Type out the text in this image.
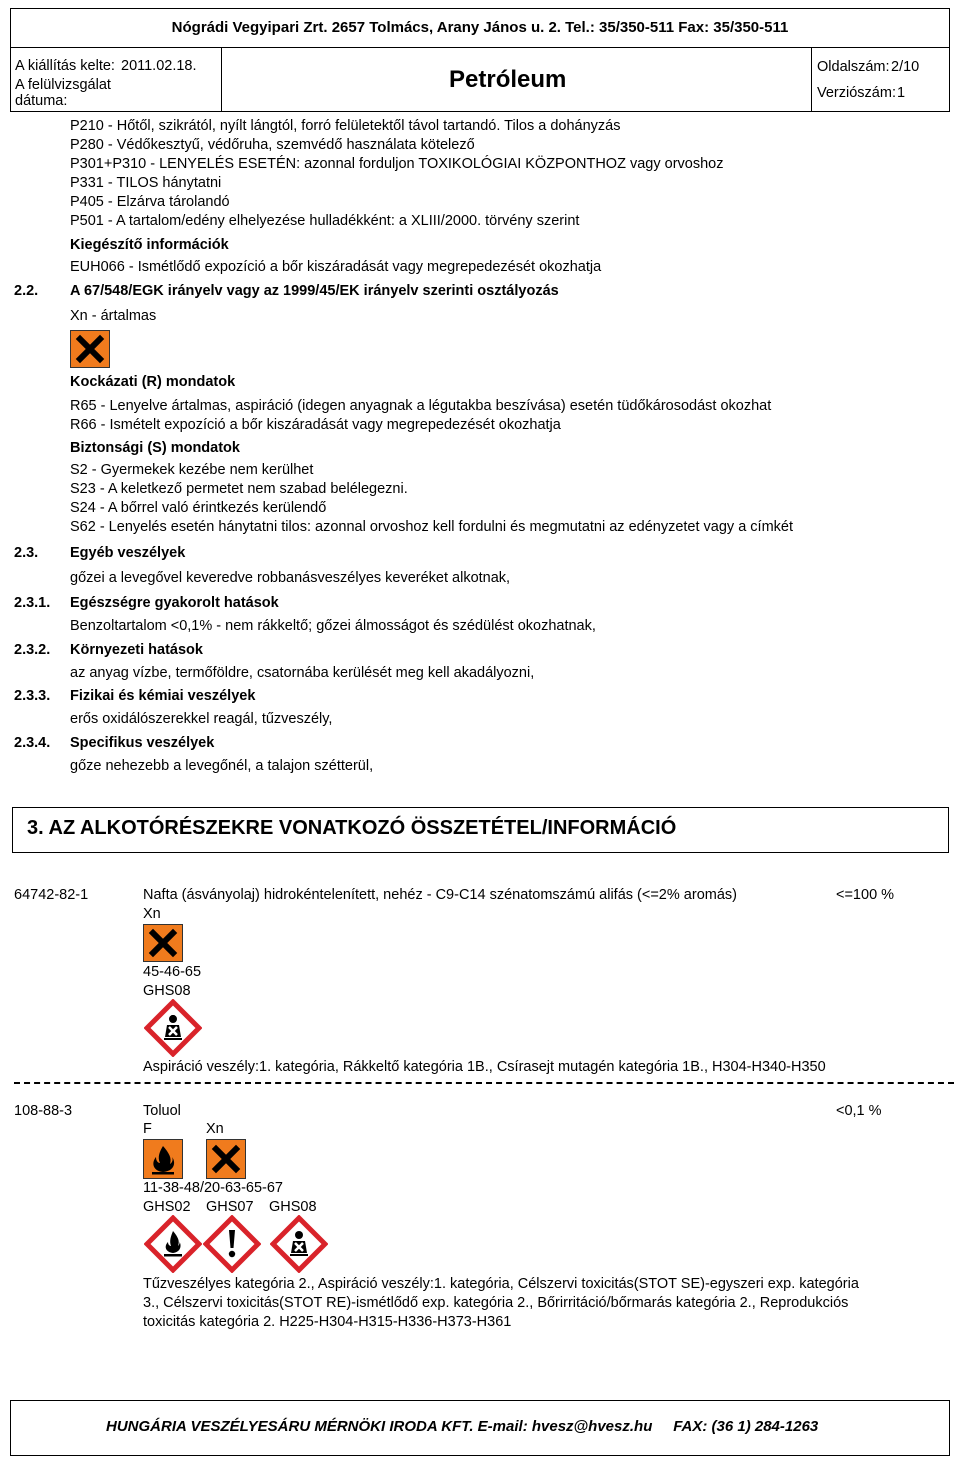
Nógrádi Vegyipari Zrt. 2657 Tolmács, Arany János u. 2. Tel.: 35/350-511 Fax: 35/350-511
A kiállítás kelte: 2011.02.18.
A felülvizsgálat
dátuma:
Petróleum	Oldalszám: 2/10
Verziószám: 1
P210 - Hőtől, szikrától, nyílt lángtól, forró felületektől távol tartandó. Tilos a dohányzás
P280 - Védőkesztyű, védőruha, szemvédő használata kötelező
P301+P310 - LENYELÉS ESETÉN: azonnal forduljon TOXIKOLÓGIAI KÖZPONTHOZ vagy orvoshoz
P331 - TILOS hánytatni
P405 - Elzárva tárolandó
P501 - A tartalom/edény elhelyezése hulladékként: a XLIII/2000. törvény szerint
Kiegészítő információk
EUH066 - Ismétlődő expozíció a bőr kiszáradását vagy megrepedezését okozhatja
2.2. A 67/548/EGK irányelv vagy az 1999/45/EK irányelv szerinti osztályozás
Xn - ártalmas
Kockázati (R) mondatok
R65 - Lenyelve ártalmas, aspiráció (idegen anyagnak a légutakba beszívása) esetén tüdőkárosodást okozhat
R66 - Ismételt expozíció a bőr kiszáradását vagy megrepedezését okozhatja
Biztonsági (S) mondatok
S2 - Gyermekek kezébe nem kerülhet
S23 - A keletkező permetet nem szabad belélegezni.
S24 - A bőrrel való érintkezés kerülendő
S62 - Lenyelés esetén hánytatni tilos: azonnal orvoshoz kell fordulni és megmutatni az edényzetet vagy a címkét
2.3. Egyéb veszélyek
gőzei a levegővel keveredve robbanásveszélyes keveréket alkotnak,
2.3.1. Egészségre gyakorolt hatások
Benzoltartalom <0,1% - nem rákkeltő; gőzei álmosságot és szédülést okozhatnak,
2.3.2. Környezeti hatások
az anyag vízbe, termőföldre, csatornába kerülését meg kell akadályozni,
2.3.3. Fizikai és kémiai veszélyek
erős oxidálószerekkel reagál, tűzveszély,
2.3.4. Specifikus veszélyek
gőze nehezebb a levegőnél, a talajon szétterül,
3. AZ ALKOTÓRÉSZEKRE VONATKOZÓ ÖSSZETÉTEL/INFORMÁCIÓ
64742-82-1	Nafta (ásványolaj) hidrokéntelenített, nehéz - C9-C14 szénatomszámú alifás (<=2% aromás)	<=100 %
Xn
45-46-65
GHS08
Aspiráció veszély:1. kategória, Rákkeltő kategória 1B., Csírasejt mutagén kategória 1B., H304-H340-H350
108-88-3	Toluol	<0,1 %
F	Xn
11-38-48/20-63-65-67
GHS02 GHS07 GHS08
Tűzveszélyes kategória 2., Aspiráció veszély:1. kategória, Célszervi toxicitás(STOT SE)-egyszeri exp. kategória
3., Célszervi toxicitás(STOT RE)-ismétlődő exp. kategória 2., Bőrirritáció/bőrmarás kategória 2., Reprodukciós
toxicitás kategória 2. H225-H304-H315-H336-H373-H361
HUNGÁRIA VESZÉLYESÁRU MÉRNÖKI IRODA KFT. E-mail: hvesz@hvesz.hu     FAX: (36 1) 284-1263
